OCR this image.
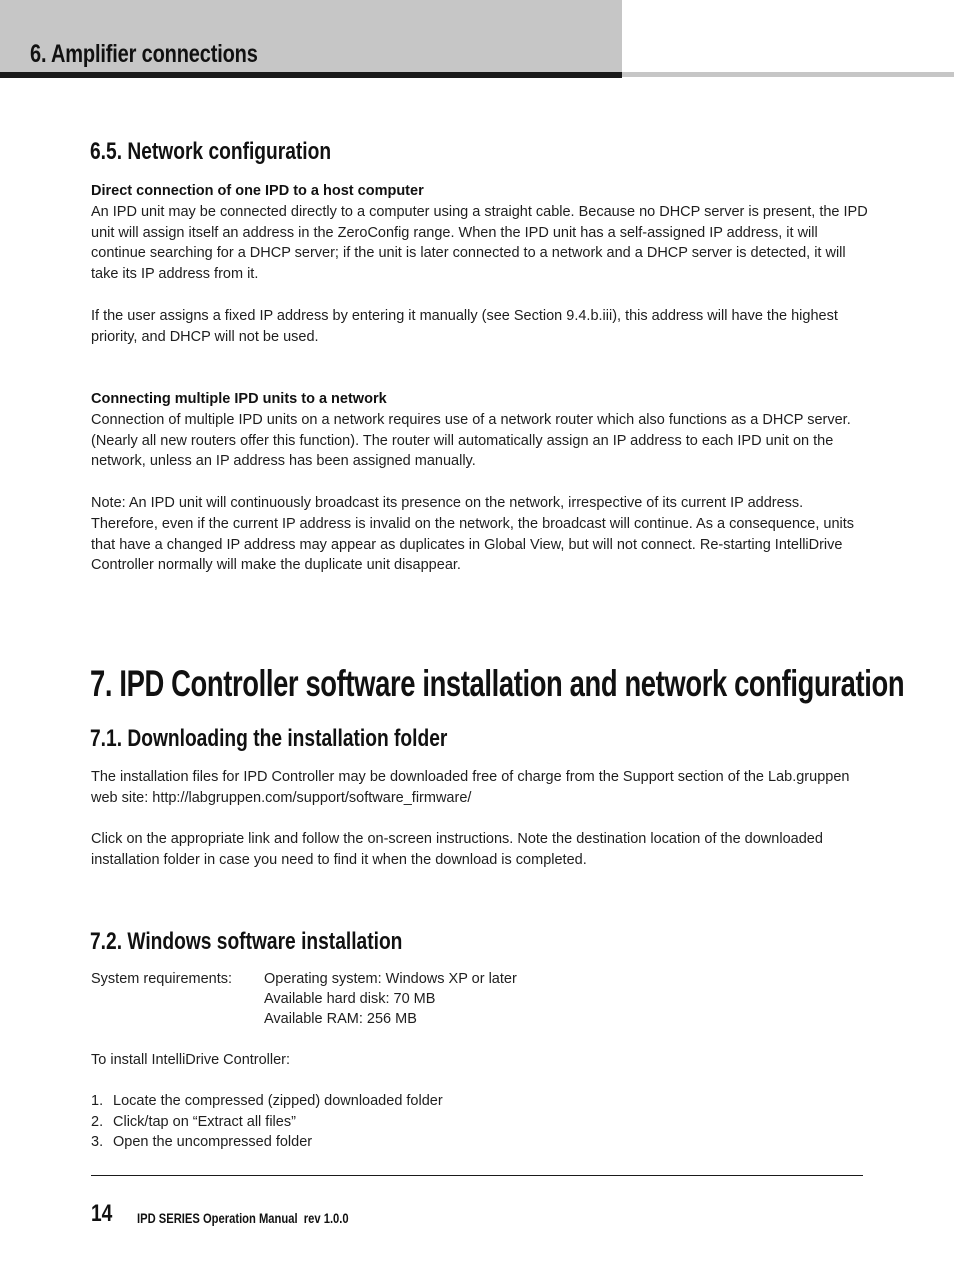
6. Amplifier connections
6.5. Network configuration

Direct connection of one IPD to a host computer

An IPD unit may be connected directly to a computer using a straight cable. Because no DHCP server is present, the IPD unit will assign itself an address in the ZeroConfig range. When the IPD unit has a self-assigned IP address, it will continue searching for a DHCP server; if the unit is later connected to a network and a DHCP server is detected, it will take its IP address from it.

If the user assigns a fixed IP address by entering it manually (see Section 9.4.b.iii), this address will have the highest priority, and DHCP will not be used.

Connecting multiple IPD units to a network

Connection of multiple IPD units on a network requires use of a network router which also functions as a DHCP server. (Nearly all new routers offer this function). The router will automatically assign an IP address to each IPD unit on the network, unless an IP address has been assigned manually.

Note: An IPD unit will continuously broadcast its presence on the network, irrespective of its current IP address. Therefore, even if the current IP address is invalid on the network, the broadcast will continue. As a consequence, units that have a changed IP address may appear as duplicates in Global View, but will not connect. Re-starting IntelliDrive Controller normally will make the duplicate unit disappear.

7. IPD Controller software installation and network configuration
7.1. Downloading the installation folder

The installation files for IPD Controller may be downloaded free of charge from the Support section of the Lab.gruppen web site: http://labgruppen.com/support/software_firmware/

Click on the appropriate link and follow the on-screen instructions. Note the destination location of the downloaded installation folder in case you need to find it when the download is completed.

7.2. Windows software installation
System requirements:	Operating system: Windows XP or later
Available hard disk: 70 MB
Available RAM: 256 MB

To install IntelliDrive Controller:

1. Locate the compressed (zipped) downloaded folder
2. Click/tap on “Extract all files”
3. Open the uncompressed folder
14 IPD SERIES Operation Manual  rev 1.0.0
